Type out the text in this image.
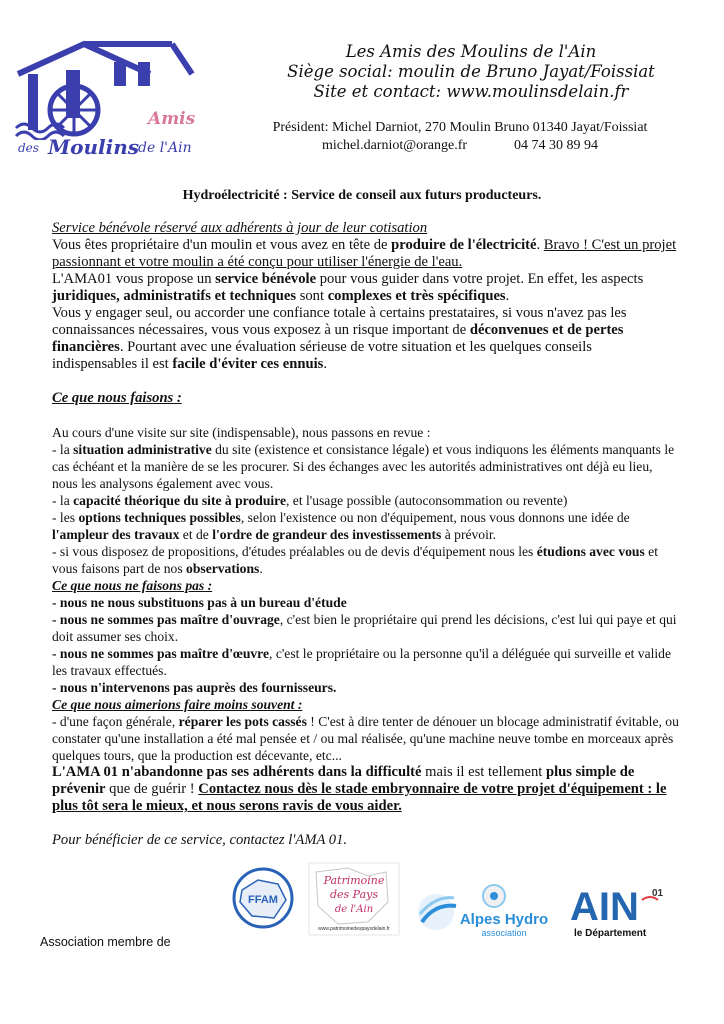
Amis
des Moulins
de l'Ain
Les Amis des Moulins de l'Ain
Siège social: moulin de Bruno Jayat/Foissiat
Site et contact: www.moulinsdelain.fr
Président: Michel Darniot, 270 Moulin Bruno 01340 Jayat/Foissiat
michel.darniot@orange.fr	04 74 30 89 94
Hydroélectricité : Service de conseil aux futurs producteurs.

Service bénévole réservé aux adhérents à jour de leur cotisation

Vous êtes propriétaire d'un moulin et vous avez en tête de produire de l'électricité. Bravo ! C'est un projet passionnant et votre moulin a été conçu pour utiliser l'énergie de l'eau.

L'AMA01 vous propose un service bénévole pour vous guider dans votre projet. En effet, les aspects juridiques, administratifs et techniques sont complexes et très spécifiques.

Vous y engager seul, ou accorder une confiance totale à certains prestataires, si vous n'avez pas les connaissances nécessaires, vous vous exposez à un risque important de déconvenues et de pertes financières. Pourtant avec une évaluation sérieuse de votre situation et les quelques conseils indispensables il est facile d'éviter ces ennuis.

Ce que nous faisons :

Au cours d'une visite sur site (indispensable), nous passons en revue :

- la situation administrative du site (existence et consistance légale) et vous indiquons les éléments manquants le cas échéant et la manière de se les procurer. Si des échanges avec les autorités administratives ont déjà eu lieu, nous les analysons également avec vous.

- la capacité théorique du site à produire, et l'usage possible (autoconsommation ou revente)

- les options techniques possibles, selon l'existence ou non d'équipement, nous vous donnons une idée de l'ampleur des travaux et de l'ordre de grandeur des investissements à prévoir.

- si vous disposez de propositions, d'études préalables ou de devis d'équipement nous les étudions avec vous et vous faisons part de nos observations.

Ce que nous ne faisons pas :

- nous ne nous substituons pas à un bureau d'étude

- nous ne sommes pas maître d'ouvrage, c'est bien le propriétaire qui prend les décisions, c'est lui qui paye et qui doit assumer ses choix.

- nous ne sommes pas maître d'œuvre, c'est le propriétaire ou la personne qu'il a déléguée qui surveille et valide les travaux effectués.

- nous n'intervenons pas auprès des fournisseurs.

Ce que nous aimerions faire moins souvent :

- d'une façon générale, réparer les pots cassés ! C'est à dire tenter de dénouer un blocage administratif évitable, ou constater qu'une installation a été mal pensée et / ou mal réalisée, qu'une machine neuve tombe en morceaux après quelques tours, que la production est décevante, etc...

L'AMA 01 n'abandonne pas ses adhérents dans la difficulté mais il est tellement plus simple de prévenir que de guérir ! Contactez nous dès le stade embryonnaire de votre projet d'équipement : le plus tôt sera le mieux, et nous serons ravis de vous aider.

Pour bénéficier de ce service, contactez l'AMA 01.

Association membre de
FFAM
Patrimoine
des Pays
de l'Ain
www.patrimoinedespaysdelain.fr
Alpes Hydro
association
AIN 01
le Département
